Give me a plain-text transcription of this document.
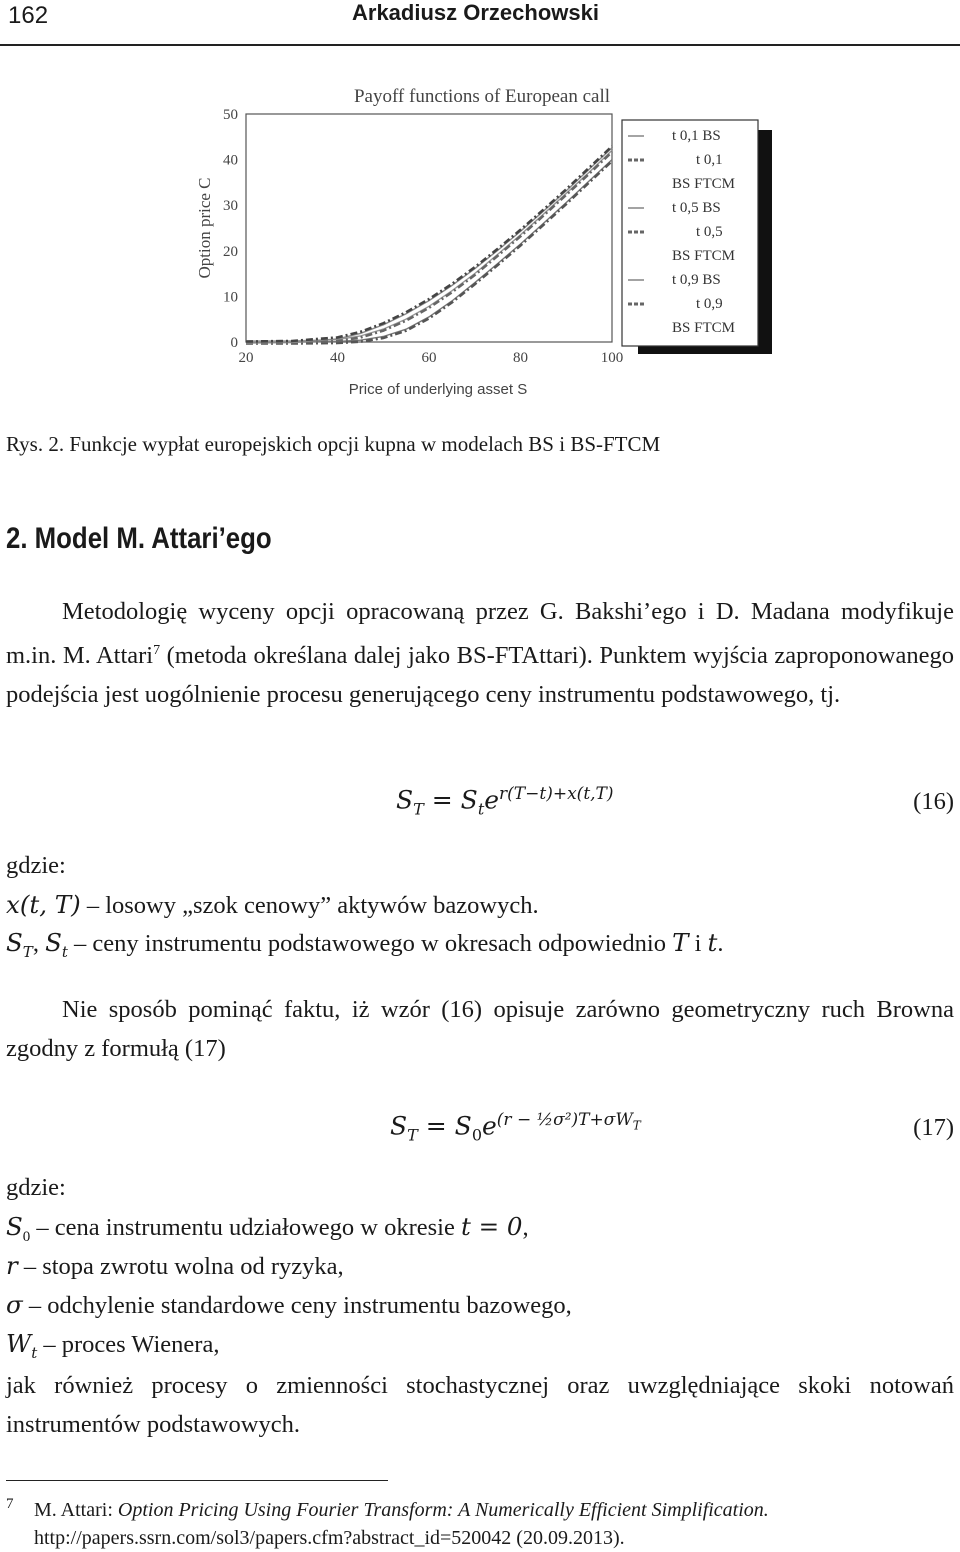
162	Arkadiusz Orzechowski
Payoff functions of European call
Price of underlying asset S
Option price C
20	40	60	80	100
0
10
20
30
40
50
t 0,1 BS
t 0,1
BS FTCM
t 0,5 BS
t 0,5
BS FTCM
t 0,9 BS
t 0,9
BS FTCM
Rys. 2. Funkcje wypłat europejskich opcji kupna w modelach BS i BS-FTCM
2. Model M. Attari’ego
Metodologię wyceny opcji opracowaną przez G. Bakshi’ego i D. Madana modyfikuje m.in. M. Attari$^7$ (metoda określana dalej jako BS-FTAttari). Punktem wyjścia zaproponowanego podejścia jest uogólnienie procesu generującego ceny instrumentu podstawowego, tj.
$S_T = S_te^{r(T-t)+x(t,T)}$	(16)
gdzie:
x(t, T) – losowy „szok cenowy” aktywów bazowych.
$S_T$, $S_t$ – ceny instrumentu podstawowego w okresach odpowiednio T i t.
Nie sposób pominąć faktu, iż wzór (16) opisuje zarówno geometryczny ruch Browna zgodny z formułą (17)
$S_T = S_0e^{(r - \frac{1}{2}\sigma^2)T+\sigma W_T}$	(17)
gdzie:
$S_0$ – cena instrumentu udziałowego w okresie t = 0,
r – stopa zwrotu wolna od ryzyka,
σ – odchylenie standardowe ceny instrumentu bazowego,
$W_t$ – proces Wienera,
jak również procesy o zmienności stochastycznej oraz uwzględniające skoki notowań instrumentów podstawowych.
7 M. Attari: Option Pricing Using Fourier Transform: A Numerically Efficient Simplification.
http://papers.ssrn.com/sol3/papers.cfm?abstract_id=520042 (20.09.2013).
